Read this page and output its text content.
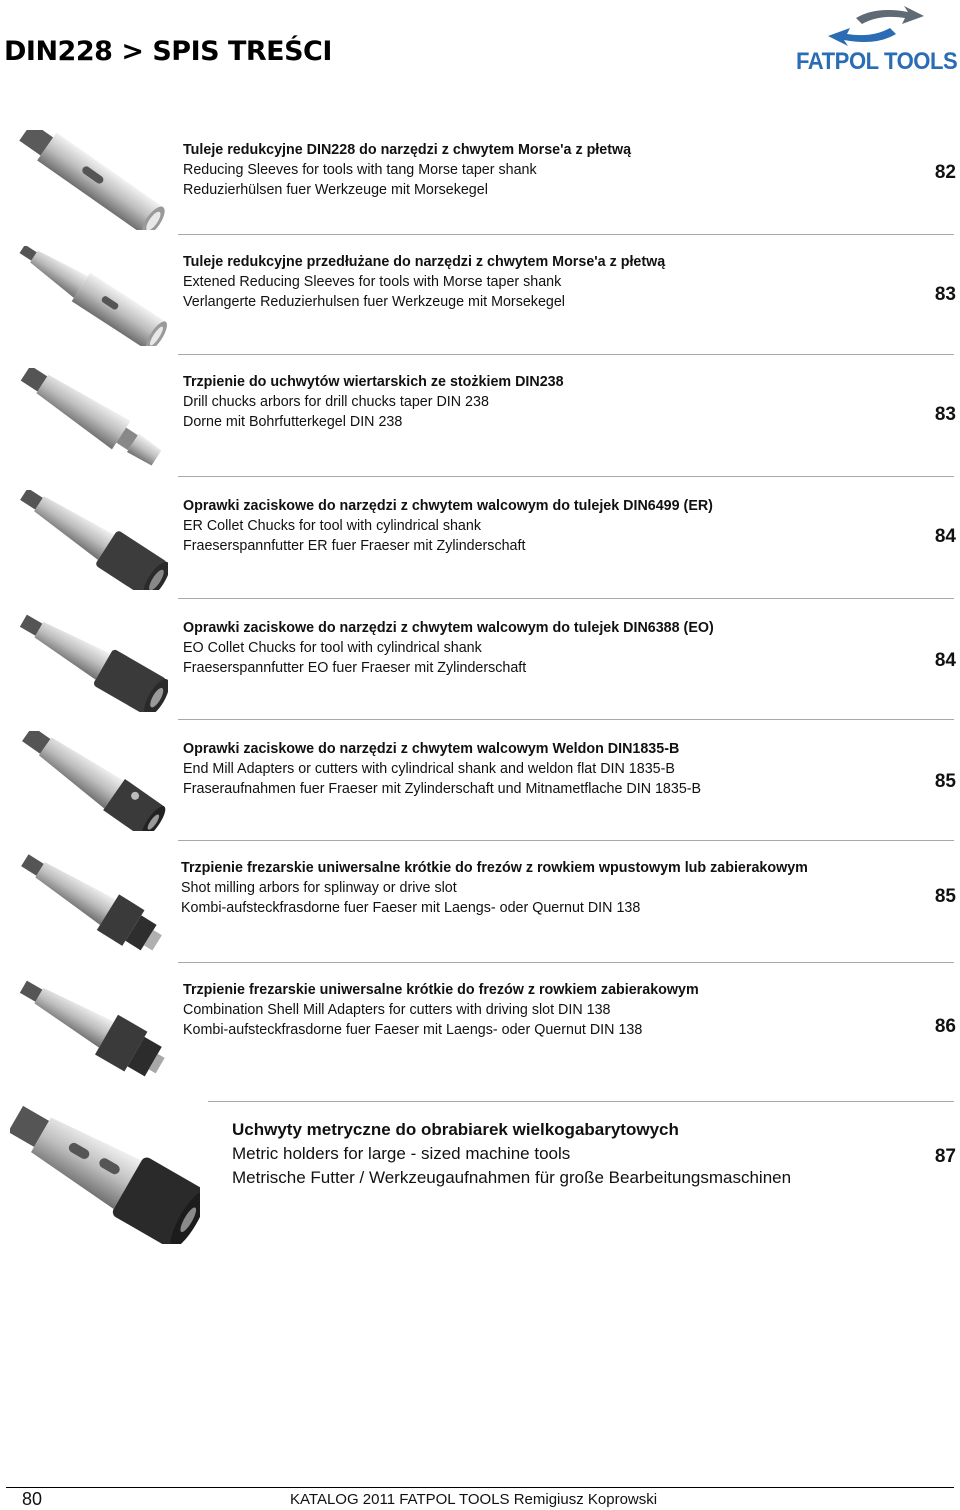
DIN228 > SPIS TREŚCI	FATPOL TOOLS
Tuleje redukcyjne DIN228 do narzędzi z chwytem Morse'a z płetwą
Reducing Sleeves for tools with tang Morse taper shank
Reduzierhülsen fuer Werkzeuge mit Morsekegel
82
Tuleje redukcyjne przedłużane do narzędzi z chwytem Morse'a z płetwą
Extened Reducing Sleeves for tools with Morse taper shank
Verlangerte Reduzierhulsen fuer Werkzeuge mit Morsekegel	83
Trzpienie do uchwytów wiertarskich ze stożkiem DIN238
Drill chucks arbors for drill chucks taper DIN 238
Dorne mit Bohrfutterkegel DIN 238	83
Oprawki zaciskowe do narzędzi z chwytem walcowym do tulejek DIN6499 (ER)
ER Collet Chucks for tool with cylindrical shank
Fraeserspannfutter ER fuer Fraeser mit Zylinderschaft	84
Oprawki zaciskowe do narzędzi z chwytem walcowym do tulejek DIN6388 (EO)
EO Collet Chucks for tool with cylindrical shank
Fraeserspannfutter EO fuer Fraeser mit Zylinderschaft	84
Oprawki zaciskowe do narzędzi z chwytem walcowym Weldon DIN1835-B
End Mill Adapters or cutters with cylindrical shank and weldon flat DIN 1835-B
Fraseraufnahmen fuer Fraeser mit Zylinderschaft und Mitnametflache DIN 1835-B	85
Trzpienie frezarskie uniwersalne krótkie do frezów z rowkiem wpustowym lub zabierakowym
Shot milling arbors for splinway or drive slot
Kombi-aufsteckfrasdorne fuer Faeser mit Laengs- oder Quernut DIN 138
85
Trzpienie frezarskie uniwersalne krótkie do frezów z rowkiem zabierakowym
Combination Shell Mill Adapters for cutters with driving slot DIN 138
Kombi-aufsteckfrasdorne fuer Faeser mit Laengs- oder Quernut DIN 138	86
Uchwyty metryczne do obrabiarek wielkogabarytowych
Metric holders for large - sized machine tools
Metrische Futter / Werkzeugaufnahmen für große Bearbeitungsmaschinen
87
80	KATALOG 2011 FATPOL TOOLS Remigiusz Koprowski
